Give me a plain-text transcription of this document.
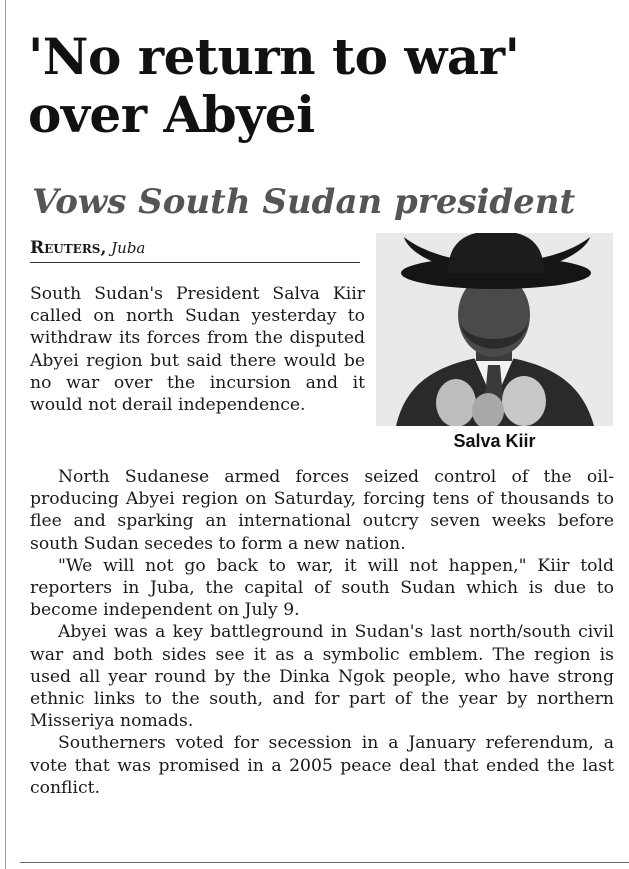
'No return to war'
over Abyei
Vows South Sudan president
Reuters, Juba
Salva Kiir

South Sudan's President Salva Kiir called on north Sudan yesterday to withdraw its forces from the disputed Abyei region but said there would be no war over the incursion and it would not derail independence.

North Sudanese armed forces seized control of the oil-producing Abyei region on Saturday, forcing tens of thousands to flee and sparking an international outcry seven weeks before south Sudan secedes to form a new nation.

"We will not go back to war, it will not happen," Kiir told reporters in Juba, the capital of south Sudan which is due to become independent on July 9.

Abyei was a key battleground in Sudan's last north/south civil war and both sides see it as a symbolic emblem. The region is used all year round by the Dinka Ngok people, who have strong ethnic links to the south, and for part of the year by northern Misseriya nomads.

Southerners voted for secession in a January referendum, a vote that was promised in a 2005 peace deal that ended the last conflict.
